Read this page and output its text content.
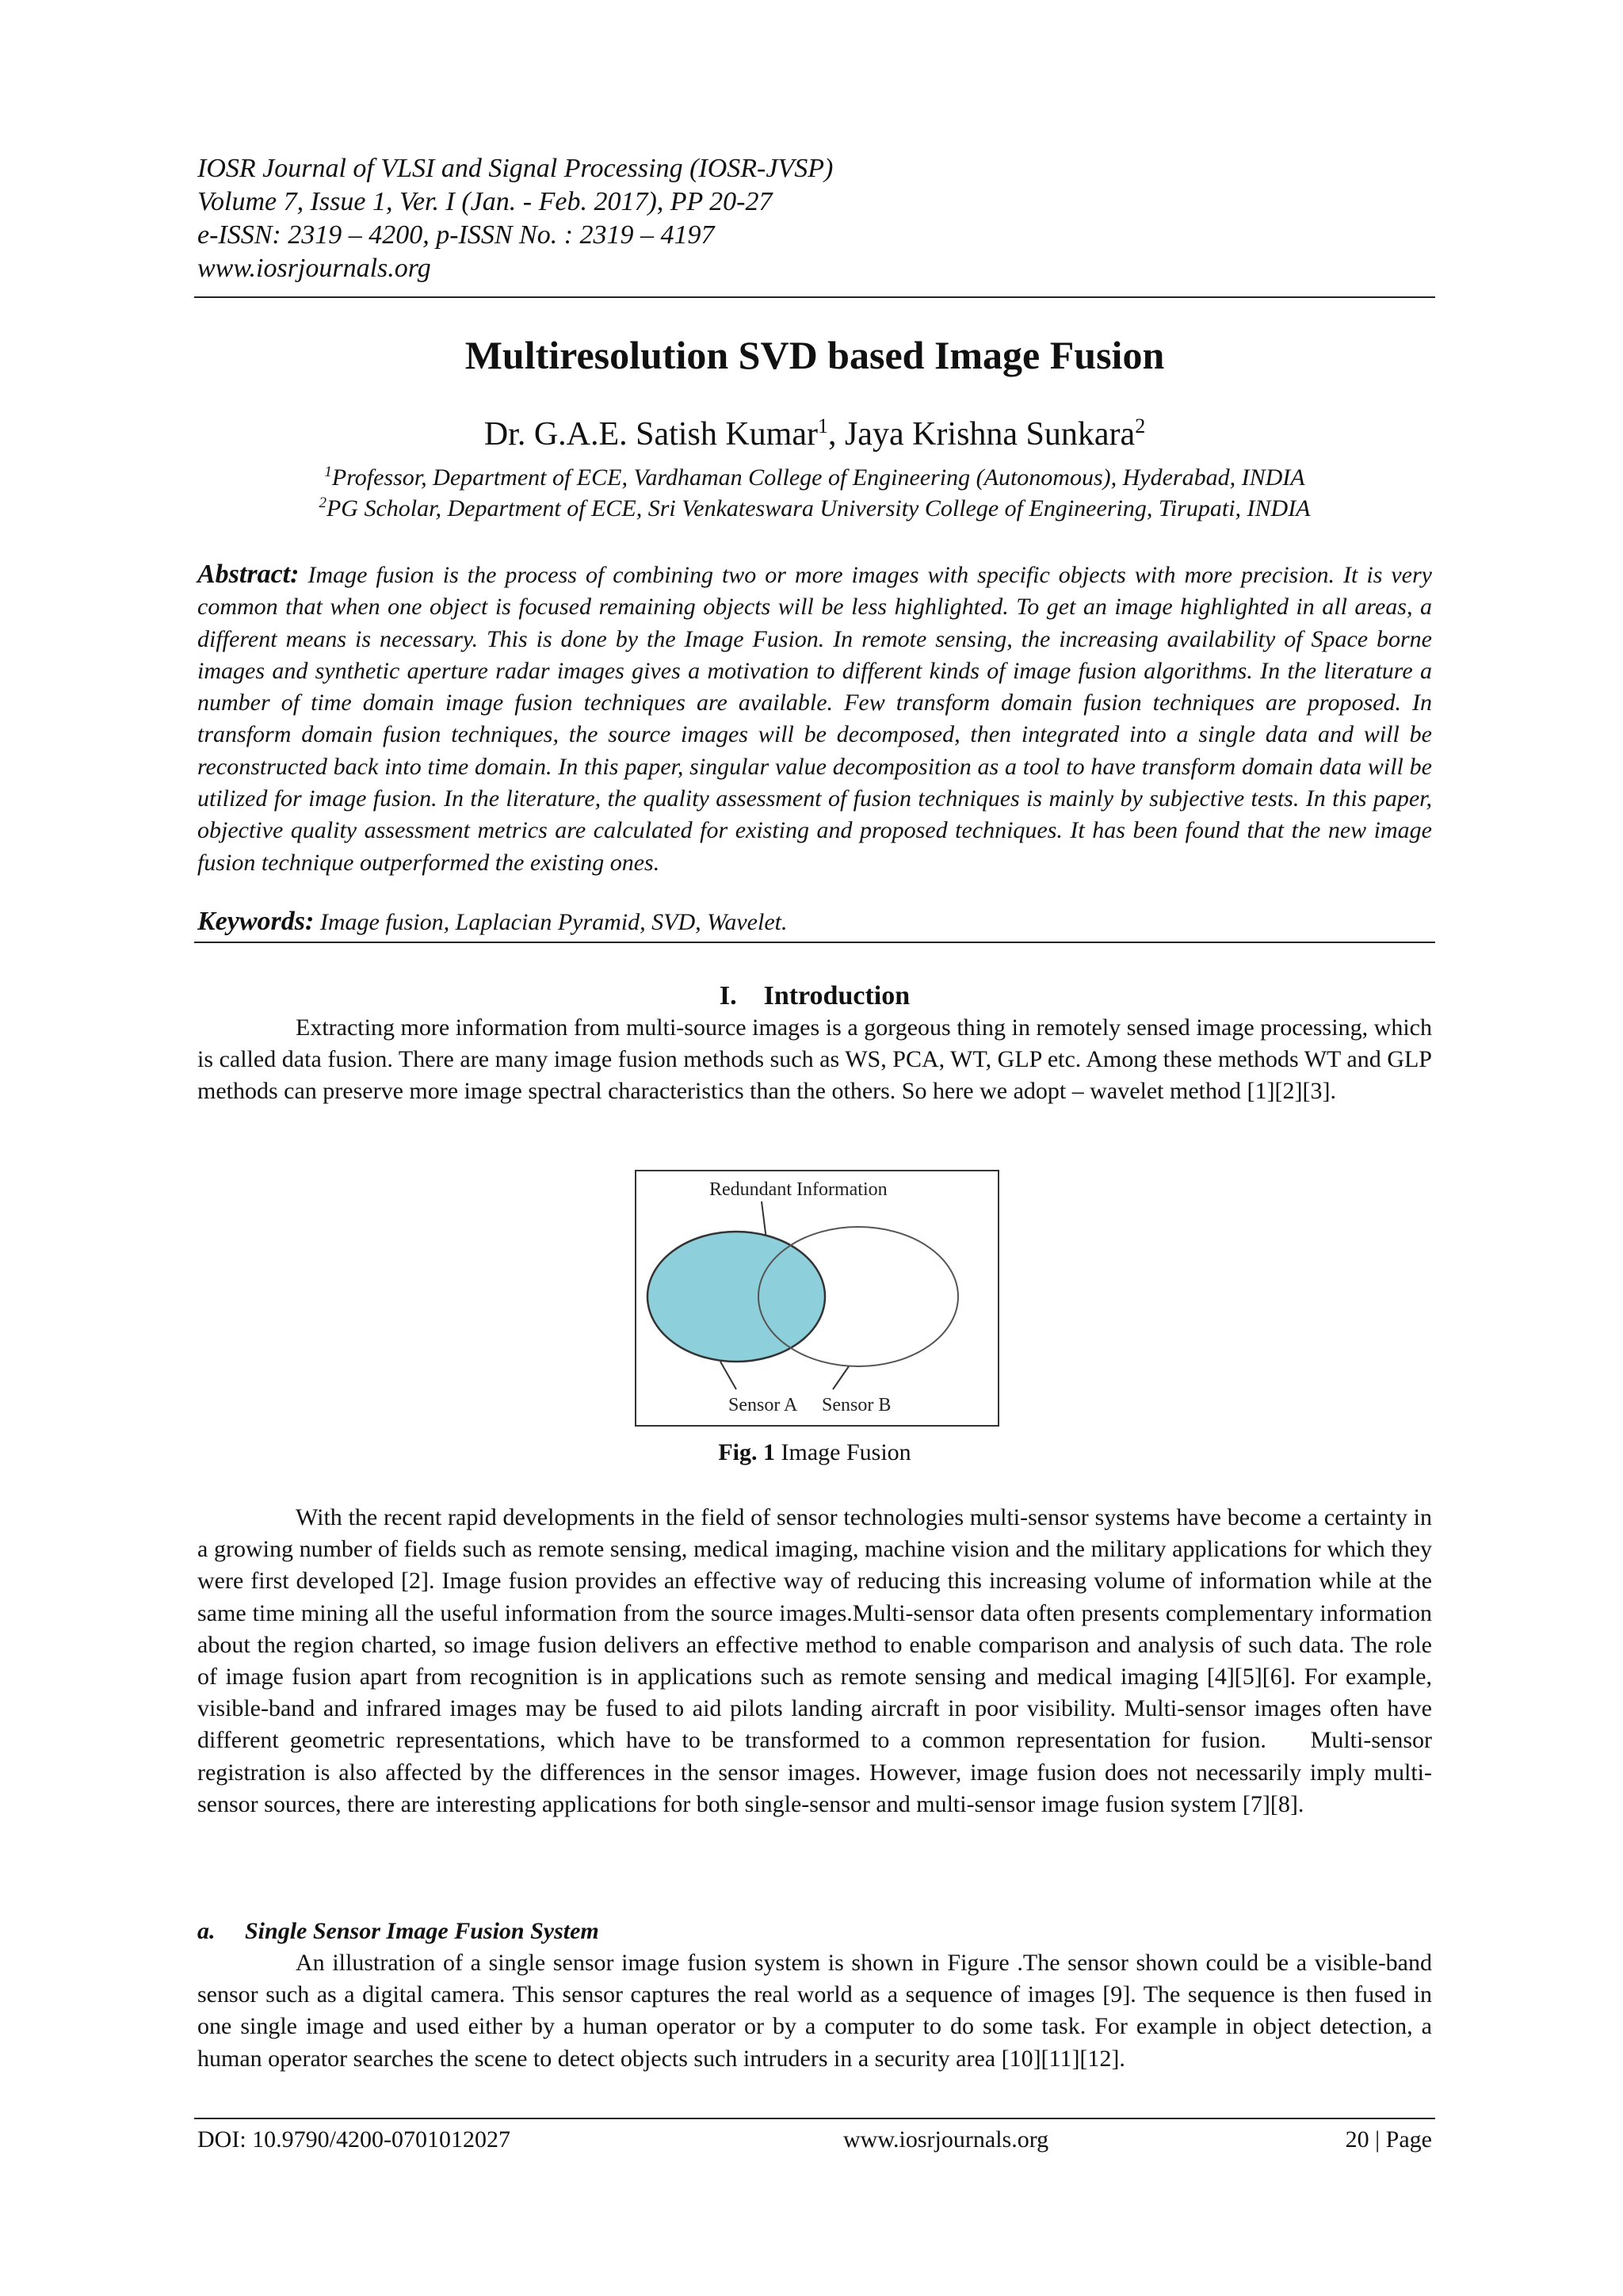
IOSR Journal of VLSI and Signal Processing (IOSR-JVSP)
Volume 7, Issue 1, Ver. I (Jan. - Feb. 2017), PP 20-27
e-ISSN: 2319 – 4200, p-ISSN No. : 2319 – 4197
www.iosrjournals.org
Multiresolution SVD based Image Fusion
Dr. G.A.E. Satish Kumar$^1$, Jaya Krishna Sunkara$^2$
$^1$Professor, Department of ECE, Vardhaman College of Engineering (Autonomous), Hyderabad, INDIA
$^2$PG Scholar, Department of ECE, Sri Venkateswara University College of Engineering, Tirupati, INDIA
Abstract: Image fusion is the process of combining two or more images with specific objects with more precision. It is very common that when one object is focused remaining objects will be less highlighted. To get an image highlighted in all areas, a different means is necessary. This is done by the Image Fusion. In remote sensing, the increasing availability of Space borne images and synthetic aperture radar images gives a motivation to different kinds of image fusion algorithms. In the literature a number of time domain image fusion techniques are available. Few transform domain fusion techniques are proposed. In transform domain fusion techniques, the source images will be decomposed, then integrated into a single data and will be reconstructed back into time domain. In this paper, singular value decomposition as a tool to have transform domain data will be utilized for image fusion. In the literature, the quality assessment of fusion techniques is mainly by subjective tests. In this paper, objective quality assessment metrics are calculated for existing and proposed techniques. It has been found that the new image fusion technique outperformed the existing ones.
Keywords: Image fusion, Laplacian Pyramid, SVD, Wavelet.
I.    Introduction

Extracting more information from multi-source images is a gorgeous thing in remotely sensed image processing, which is called data fusion. There are many image fusion methods such as WS, PCA, WT, GLP etc. Among these methods WT and GLP methods can preserve more image spectral characteristics than the others. So here we adopt – wavelet method [1][2][3].

Redundant Information
Sensor A Sensor B
Fig. 1 Image Fusion

With the recent rapid developments in the field of sensor technologies multi-sensor systems have become a certainty in a growing number of fields such as remote sensing, medical imaging, machine vision and the military applications for which they were first developed [2]. Image fusion provides an effective way of reducing this increasing volume of information while at the same time mining all the useful information from the source images.Multi-sensor data often presents complementary information about the region charted, so image fusion delivers an effective method to enable comparison and analysis of such data. The role of image fusion apart from recognition is in applications such as remote sensing and medical imaging [4][5][6]. For example, visible-band and infrared images may be fused to aid pilots landing aircraft in poor visibility. Multi-sensor images often have different geometric representations, which have to be transformed to a common representation for fusion.    Multi-sensor registration is also affected by the differences in the sensor images. However, image fusion does not necessarily imply multi-sensor sources, there are interesting applications for both single-sensor and multi-sensor image fusion system [7][8].

a. Single Sensor Image Fusion System

An illustration of a single sensor image fusion system is shown in Figure .The sensor shown could be a visible-band sensor such as a digital camera. This sensor captures the real world as a sequence of images [9]. The sequence is then fused in one single image and used either by a human operator or by a computer to do some task. For example in object detection, a human operator searches the scene to detect objects such intruders in a security area [10][11][12].

DOI: 10.9790/4200-0701012027	www.iosrjournals.org	20 | Page
